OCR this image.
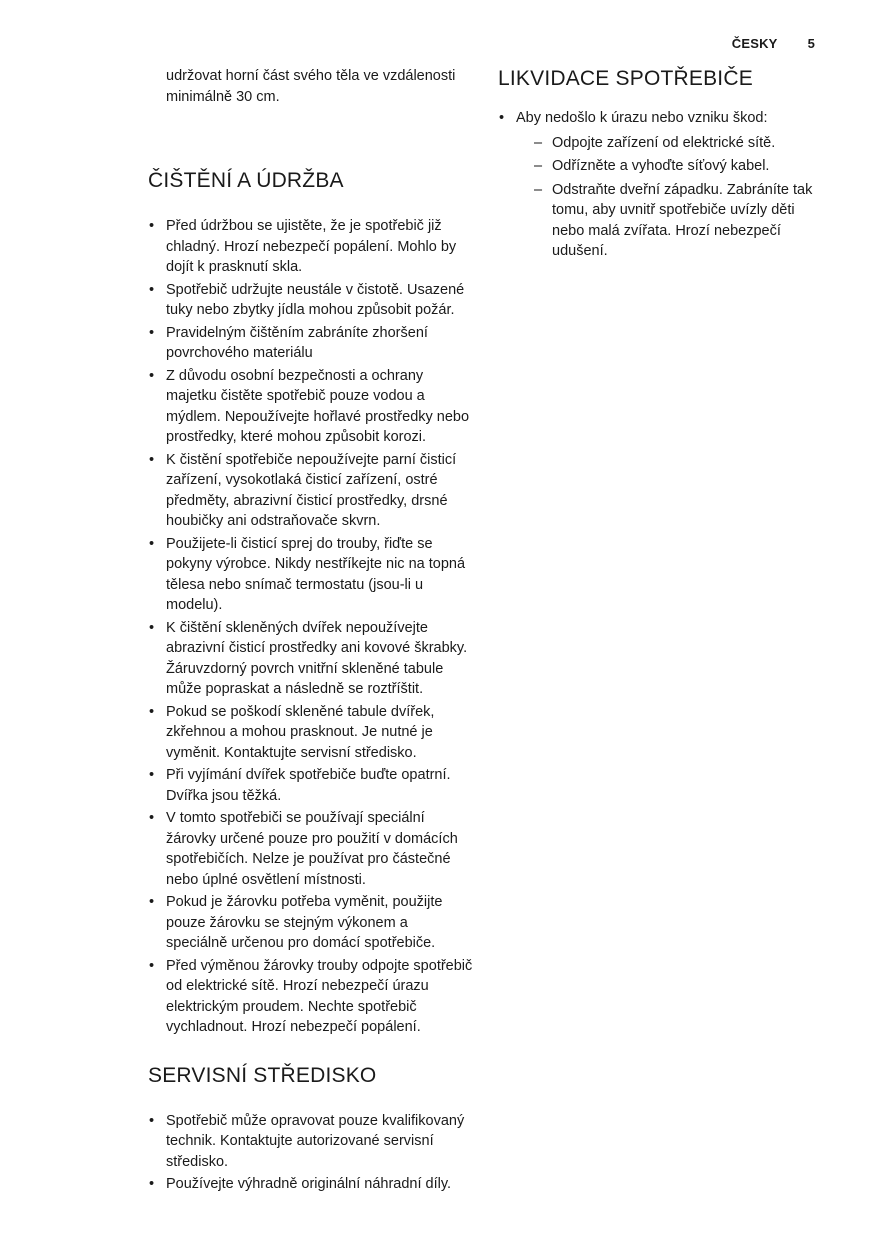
ČESKY 5

udržovat horní část svého těla ve vzdálenosti minimálně 30 cm.

ČIŠTĚNÍ A ÚDRŽBA
• Před údržbou se ujistěte, že je spotřebič již chladný. Hrozí nebezpečí popálení. Mohlo by dojít k prasknutí skla.
• Spotřebič udržujte neustále v čistotě. Usazené tuky nebo zbytky jídla mohou způsobit požár.
• Pravidelným čištěním zabráníte zhoršení povrchového materiálu
• Z důvodu osobní bezpečnosti a ochrany majetku čistěte spotřebič pouze vodou a mýdlem. Nepoužívejte hořlavé prostředky nebo prostředky, které mohou způsobit korozi.
• K čistění spotřebiče nepoužívejte parní čisticí zařízení, vysokotlaká čisticí zařízení, ostré předměty, abrazivní čisticí prostředky, drsné houbičky ani odstraňovače skvrn.
• Použijete-li čisticí sprej do trouby, řiďte se pokyny výrobce. Nikdy nestříkejte nic na topná tělesa nebo snímač termostatu (jsou-li u modelu).
• K čištění skleněných dvířek nepoužívejte abrazivní čisticí prostředky ani kovové škrabky. Žáruvzdorný povrch vnitřní skleněné tabule může popraskat a následně se roztříštit.
• Pokud se poškodí skleněné tabule dvířek, zkřehnou a mohou prasknout. Je nutné je vyměnit. Kontaktujte servisní středisko.
• Při vyjímání dvířek spotřebiče buďte opatrní. Dvířka jsou těžká.
• V tomto spotřebiči se používají speciální žárovky určené pouze pro použití v domácích spotřebičích. Nelze je používat pro částečné nebo úplné osvětlení místnosti.
• Pokud je žárovku potřeba vyměnit, použijte pouze žárovku se stejným výkonem a speciálně určenou pro domácí spotřebiče.
• Před výměnou žárovky trouby odpojte spotřebič od elektrické sítě. Hrozí nebezpečí úrazu elektrickým proudem. Nechte spotřebič vychladnout. Hrozí nebezpečí popálení.
SERVISNÍ STŘEDISKO
• Spotřebič může opravovat pouze kvalifikovaný technik. Kontaktujte autorizované servisní středisko.
• Používejte výhradně originální náhradní díly.
LIKVIDACE SPOTŘEBIČE
• Aby nedošlo k úrazu nebo vzniku škod:
– Odpojte zařízení od elektrické sítě.
– Odřízněte a vyhoďte síťový kabel.
– Odstraňte dveřní západku. Zabráníte tak tomu, aby uvnitř spotřebiče uvízly děti nebo malá zvířata. Hrozí nebezpečí udušení.
